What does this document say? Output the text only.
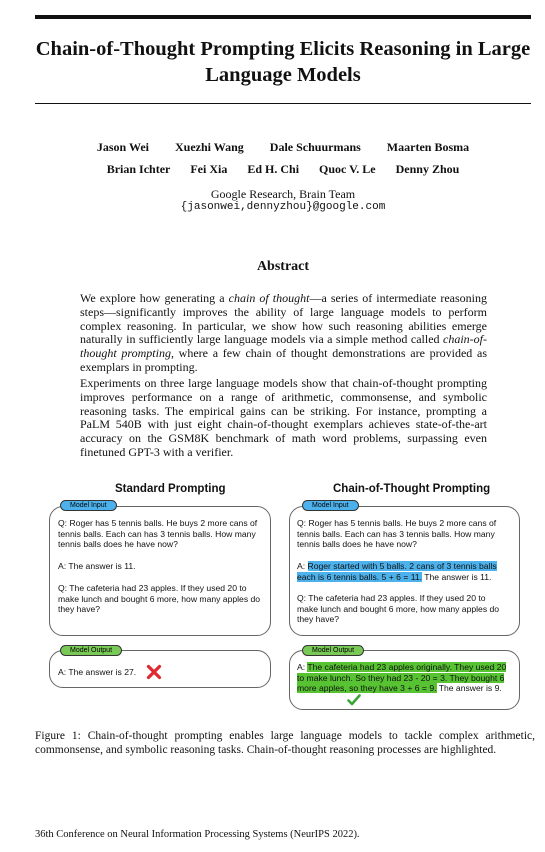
Chain-of-Thought Prompting Elicits Reasoning in Large Language Models
Jason Wei Xuezhi Wang Dale Schuurmans Maarten Bosma
Brian Ichter Fei Xia Ed H. Chi Quoc V. Le Denny Zhou
Google Research, Brain Team
{jasonwei,dennyzhou}@google.com
Abstract

We explore how generating a chain of thought—a series of intermediate reasoning steps—significantly improves the ability of large language models to perform complex reasoning. In particular, we show how such reasoning abilities emerge naturally in sufficiently large language models via a simple method called chain-of-thought prompting, where a few chain of thought demonstrations are provided as exemplars in prompting.

Experiments on three large language models show that chain-of-thought prompting improves performance on a range of arithmetic, commonsense, and symbolic reasoning tasks. The empirical gains can be striking. For instance, prompting a PaLM 540B with just eight chain-of-thought exemplars achieves state-of-the-art accuracy on the GSM8K benchmark of math word problems, surpassing even finetuned GPT-3 with a verifier.

Standard Prompting	Chain-of-Thought Prompting
Model Input	Model Input
Model Output	Model Output

Q: Roger has 5 tennis balls. He buys 2 more cans of tennis balls. Each can has 3 tennis balls. How many tennis balls does he have now?

A: The answer is 11.

Q: The cafeteria had 23 apples. If they used 20 to make lunch and bought 6 more, how many apples do they have?

Q: Roger has 5 tennis balls. He buys 2 more cans of tennis balls. Each can has 3 tennis balls. How many tennis balls does he have now?

A: Roger started with 5 balls. 2 cans of 3 tennis balls each is 6 tennis balls. 5 + 6 = 11. The answer is 11.

Q: The cafeteria had 23 apples. If they used 20 to make lunch and bought 6 more, how many apples do they have?

A: The answer is 27.	A: The cafeteria had 23 apples originally. They used 20 to make lunch. So they had 23 - 20 = 3. They bought 6 more apples, so they have 3 + 6 = 9. The answer is 9.

Figure 1: Chain-of-thought prompting enables large language models to tackle complex arithmetic, commonsense, and symbolic reasoning tasks. Chain-of-thought reasoning processes are highlighted.

36th Conference on Neural Information Processing Systems (NeurIPS 2022).
